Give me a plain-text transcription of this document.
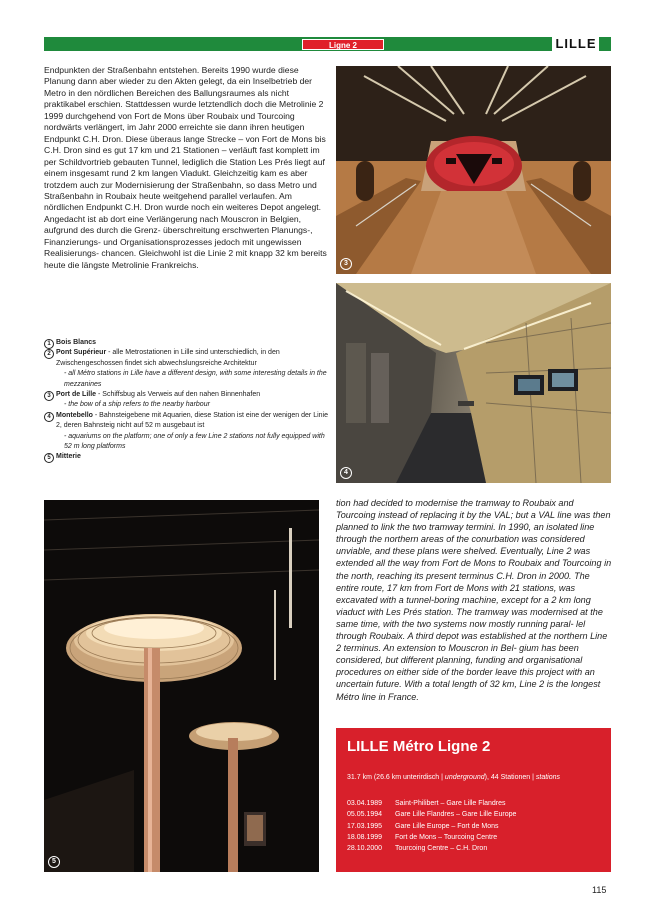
Ligne 2	LILLE

Endpunkten der Straßenbahn entstehen. Bereits 1990 wurde diese Planung dann aber wieder zu den Akten gelegt, da ein Inselbetrieb der Metro in den nördlichen Bereichen des Ballungsraumes als nicht praktikabel erschien. Stattdessen wurde letztendlich doch die Metrolinie 2 1999 durchgehend von Fort de Mons über Roubaix und Tourcoing nordwärts verlängert, im Jahr 2000 erreichte sie dann ihren heutigen Endpunkt C.H. Dron. Diese überaus lange Strecke – von Fort de Mons bis C.H. Dron sind es gut 17 km und 21 Stationen – verläuft fast komplett im per Schildvortrieb gebauten Tunnel, lediglich die Station Les Prés liegt auf einem insgesamt rund 2 km langen Viadukt. Gleichzeitig kam es aber trotzdem auch zur Modernisierung der Straßenbahn, so dass Metro und Straßenbahn in Roubaix heute weitgehend parallel verlaufen. Am nördlichen Endpunkt C.H. Dron wurde noch ein weiteres Depot angelegt. Angedacht ist ab dort eine Verlängerung nach Mouscron in Belgien, aufgrund des durch die Grenz- überschreitung erschwerten Planungs-, Finanzierungs- und Organisationsprozesses jedoch mit ungewissen Realisierungs- chancen. Gleichwohl ist die Linie 2 mit knapp 32 km bereits heute die längste Metrolinie Frankreichs.

1 Bois Blancs
2 Pont Supérieur - alle Metrostationen in Lille sind unterschiedlich, in den Zwischengeschossen findet sich abwechslungsreiche Architektur
- all Métro stations in Lille have a different design, with some interesting details in the mezzanines
3 Port de Lille - Schiffsbug als Verweis auf den nahen Binnenhafen
- the bow of a ship refers to the nearby harbour
4 Montebello - Bahnsteigebene mit Aquarien, diese Station ist eine der wenigen der Linie 2, deren Bahnsteig nicht auf 52 m ausgebaut ist
- aquariums on the platform; one of only a few Line 2 stations not fully equipped with 52 m long platforms
5 Mitterie
3
4
5
tion had decided to modernise the tramway to Roubaix and Tourcoing instead of replacing it by the VAL; but a VAL line was then planned to link the two tramway termini. In 1990, an isolated line through the northern areas of the conurbation was considered unviable, and these plans were shelved. Eventually, Line 2 was extended all the way from Fort de Mons to Roubaix and Tourcoing in the north, reaching its present terminus C.H. Dron in 2000. The entire route, 17 km from Fort de Mons with 21 stations, was excavated with a tunnel-boring machine, except for a 2 km long viaduct with Les Prés station. The tramway was modernised at the same time, with the two systems now mostly running paral- lel through Roubaix. A third depot was established at the northern Line 2 terminus. An extension to Mouscron in Bel- gium has been considered, but different planning, funding and organisational procedures on either side of the border leave this project with an uncertain future. With a total length of 32 km, Line 2 is the longest Métro line in France.
LILLE Métro Ligne 2
31.7 km (26.6 km unterirdisch | underground), 44 Stationen | stations
03.04.1989 Saint-Philibert – Gare Lille Flandres
05.05.1994 Gare Lille Flandres – Gare Lille Europe
17.03.1995 Gare Lille Europe – Fort de Mons
18.08.1999 Fort de Mons – Tourcoing Centre
28.10.2000 Tourcoing Centre – C.H. Dron
115
